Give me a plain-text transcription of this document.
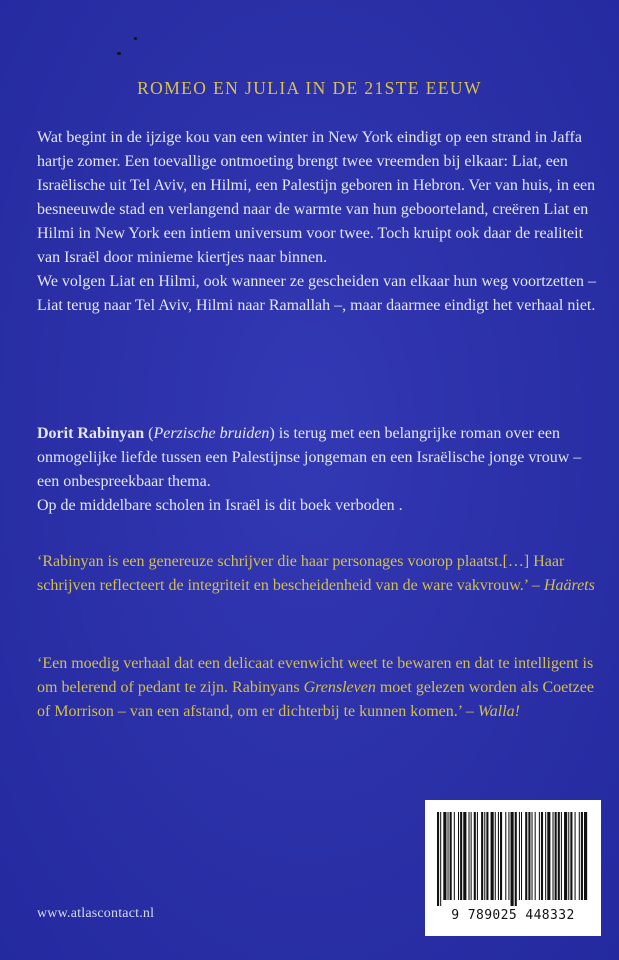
ROMEO EN JULIA IN DE 21STE EEUW

Wat begint in de ijzige kou van een winter in New York eindigt op een strand in Jaffa hartje zomer. Een toevallige ontmoeting brengt twee vreemden bij elkaar: Liat, een Israëlische uit Tel Aviv, en Hilmi, een Palestijn geboren in Hebron. Ver van huis, in een besneeuwde stad en verlangend naar de warmte van hun geboorteland, creëren Liat en Hilmi in New York een intiem universum voor twee. Toch kruipt ook daar de realiteit van Israël door minieme kiertjes naar binnen.

We volgen Liat en Hilmi, ook wanneer ze gescheiden van elkaar hun weg voortzetten – Liat terug naar Tel Aviv, Hilmi naar Ramallah –, maar daarmee eindigt het verhaal niet.

Dorit Rabinyan (Perzische bruiden) is terug met een belangrijke roman over een onmogelijke liefde tussen een Palestijnse jongeman en een Israëlische jonge vrouw – een onbespreekbaar thema.

Op de middelbare scholen in Israël is dit boek verboden .

‘Rabinyan is een genereuze schrijver die haar personages voorop plaatst.[…] Haar schrijven reflecteert de integriteit en bescheidenheid van de ware vakvrouw.’ – Haärets

‘Een moedig verhaal dat een delicaat evenwicht weet te bewaren en dat te intelligent is om belerend of pedant te zijn. Rabinyans Grensleven moet gelezen worden als Coetzee of Morrison – van een afstand, om er dichterbij te kunnen komen.’ – Walla!

www.atlascontact.nl	9 789025 448332
